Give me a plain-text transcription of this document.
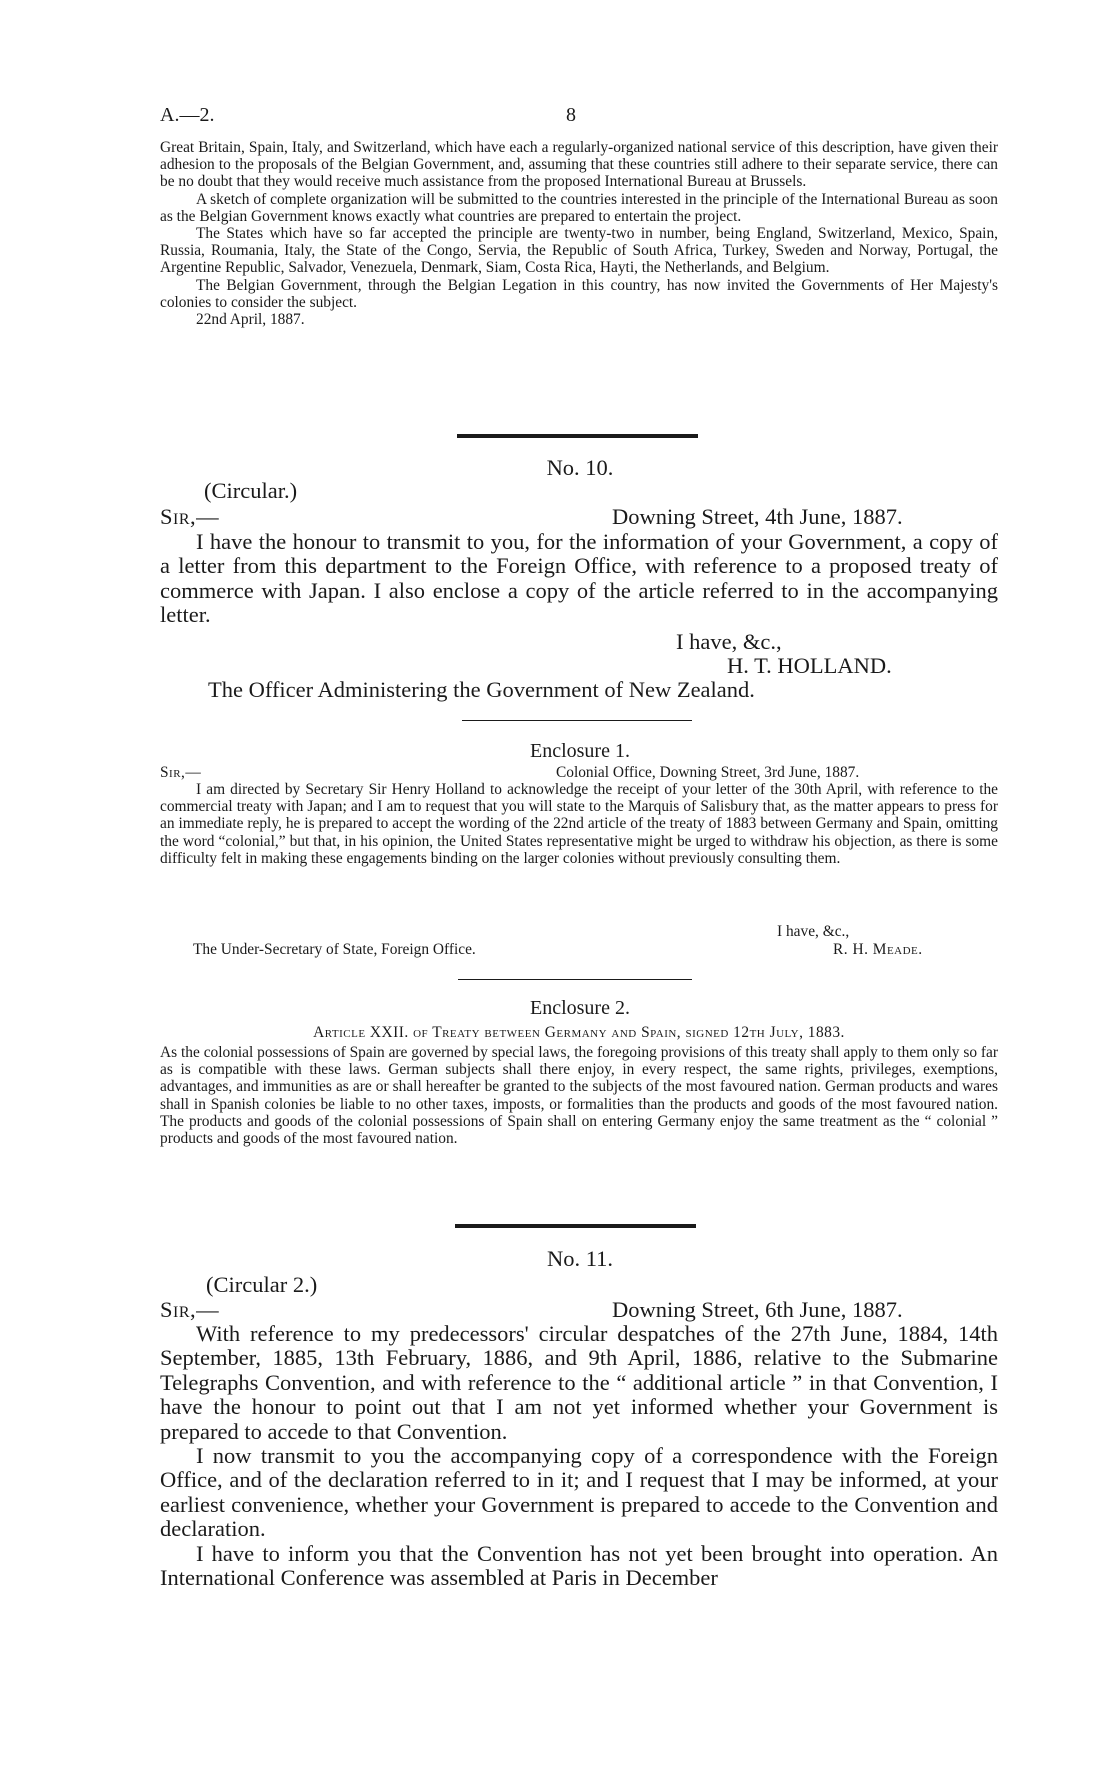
A.—2.	8

Great Britain, Spain, Italy, and Switzerland, which have each a regularly-organized national service of this description, have given their adhesion to the proposals of the Belgian Government, and, assuming that these countries still adhere to their separate service, there can be no doubt that they would receive much assistance from the proposed International Bureau at Brussels.

A sketch of complete organization will be submitted to the countries interested in the principle of the International Bureau as soon as the Belgian Government knows exactly what countries are prepared to entertain the project.

The States which have so far accepted the principle are twenty-two in number, being England, Switzerland, Mexico, Spain, Russia, Roumania, Italy, the State of the Congo, Servia, the Republic of South Africa, Turkey, Sweden and Norway, Portugal, the Argentine Republic, Salvador, Venezuela, Denmark, Siam, Costa Rica, Hayti, the Netherlands, and Belgium.

The Belgian Government, through the Belgian Legation in this country, has now invited the Governments of Her Majesty's colonies to consider the subject.

22nd April, 1887.

No. 10.
(Circular.)
Sir,—	Downing Street, 4th June, 1887.

I have the honour to transmit to you, for the information of your Government, a copy of a letter from this department to the Foreign Office, with reference to a proposed treaty of commerce with Japan. I also enclose a copy of the article referred to in the accompanying letter.

I have, &c.,
H. T. HOLLAND.
The Officer Administering the Government of New Zealand.
Enclosure 1.
Sir,—	Colonial Office, Downing Street, 3rd June, 1887.

I am directed by Secretary Sir Henry Holland to acknowledge the receipt of your letter of the 30th April, with reference to the commercial treaty with Japan; and I am to request that you will state to the Marquis of Salisbury that, as the matter appears to press for an immediate reply, he is prepared to accept the wording of the 22nd article of the treaty of 1883 between Germany and Spain, omitting the word “colonial,” but that, in his opinion, the United States representative might be urged to withdraw his objection, as there is some difficulty felt in making these engagements binding on the larger colonies without previously consulting them.

I have, &c.,
The Under-Secretary of State, Foreign Office.	R. H. Meade.
Enclosure 2.
Article XXII. of Treaty between Germany and Spain, signed 12th July, 1883.

As the colonial possessions of Spain are governed by special laws, the foregoing provisions of this treaty shall apply to them only so far as is compatible with these laws. German subjects shall there enjoy, in every respect, the same rights, privileges, exemptions, advantages, and immunities as are or shall hereafter be granted to the subjects of the most favoured nation. German products and wares shall in Spanish colonies be liable to no other taxes, imposts, or formalities than the products and goods of the most favoured nation. The products and goods of the colonial possessions of Spain shall on entering Germany enjoy the same treatment as the “ colonial ” products and goods of the most favoured nation.

No. 11.
(Circular 2.)
Sir,—	Downing Street, 6th June, 1887.

With reference to my predecessors' circular despatches of the 27th June, 1884, 14th September, 1885, 13th February, 1886, and 9th April, 1886, relative to the Submarine Telegraphs Convention, and with reference to the “ additional article ” in that Convention, I have the honour to point out that I am not yet informed whether your Government is prepared to accede to that Convention.

I now transmit to you the accompanying copy of a correspondence with the Foreign Office, and of the declaration referred to in it; and I request that I may be informed, at your earliest convenience, whether your Government is prepared to accede to the Convention and declaration.

I have to inform you that the Convention has not yet been brought into operation. An International Conference was assembled at Paris in December
